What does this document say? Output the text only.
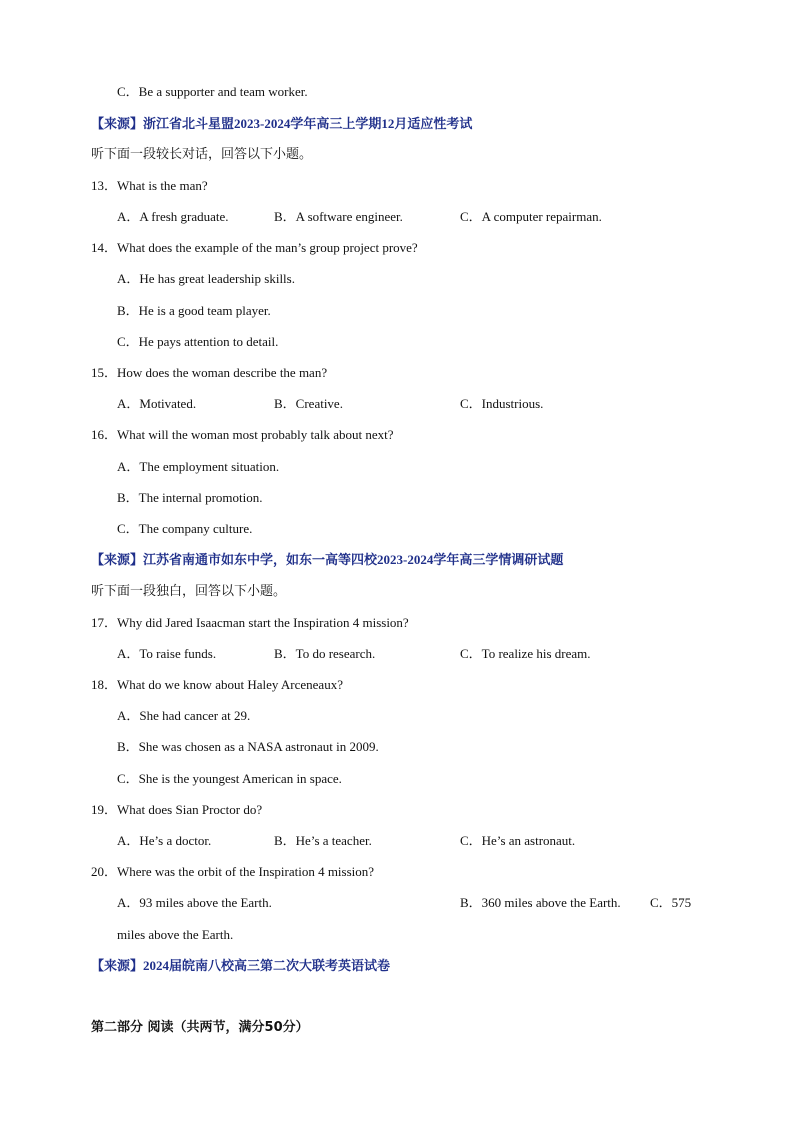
C．Be a supporter and team worker.
【来源】浙江省北斗星盟2023-2024学年高三上学期12月适应性考试
听下面一段较长对话，回答以下小题。
13．What is the man?
A．A fresh graduate.	B．A software engineer.	C．A computer repairman.
14．What does the example of the man’s group project prove?
A．He has great leadership skills.
B．He is a good team player.
C．He pays attention to detail.
15．How does the woman describe the man?
A．Motivated.	B．Creative.	C．Industrious.
16．What will the woman most probably talk about next?
A．The employment situation.
B．The internal promotion.
C．The company culture.
【来源】江苏省南通市如东中学，如东一高等四校2023-2024学年高三学情调研试题
听下面一段独白，回答以下小题。
17．Why did Jared Isaacman start the Inspiration 4 mission?
A．To raise funds.	B．To do research.	C．To realize his dream.
18．What do we know about Haley Arceneaux?
A．She had cancer at 29.
B．She was chosen as a NASA astronaut in 2009.
C．She is the youngest American in space.
19．What does Sian Proctor do?
A．He’s a doctor.	B．He’s a teacher.	C．He’s an astronaut.
20．Where was the orbit of the Inspiration 4 mission?
A．93 miles above the Earth.	B．360 miles above the Earth. C．575
miles above the Earth.
【来源】2024届皖南八校高三第二次大联考英语试卷
第二部分 阅读（共两节，满分50分）
